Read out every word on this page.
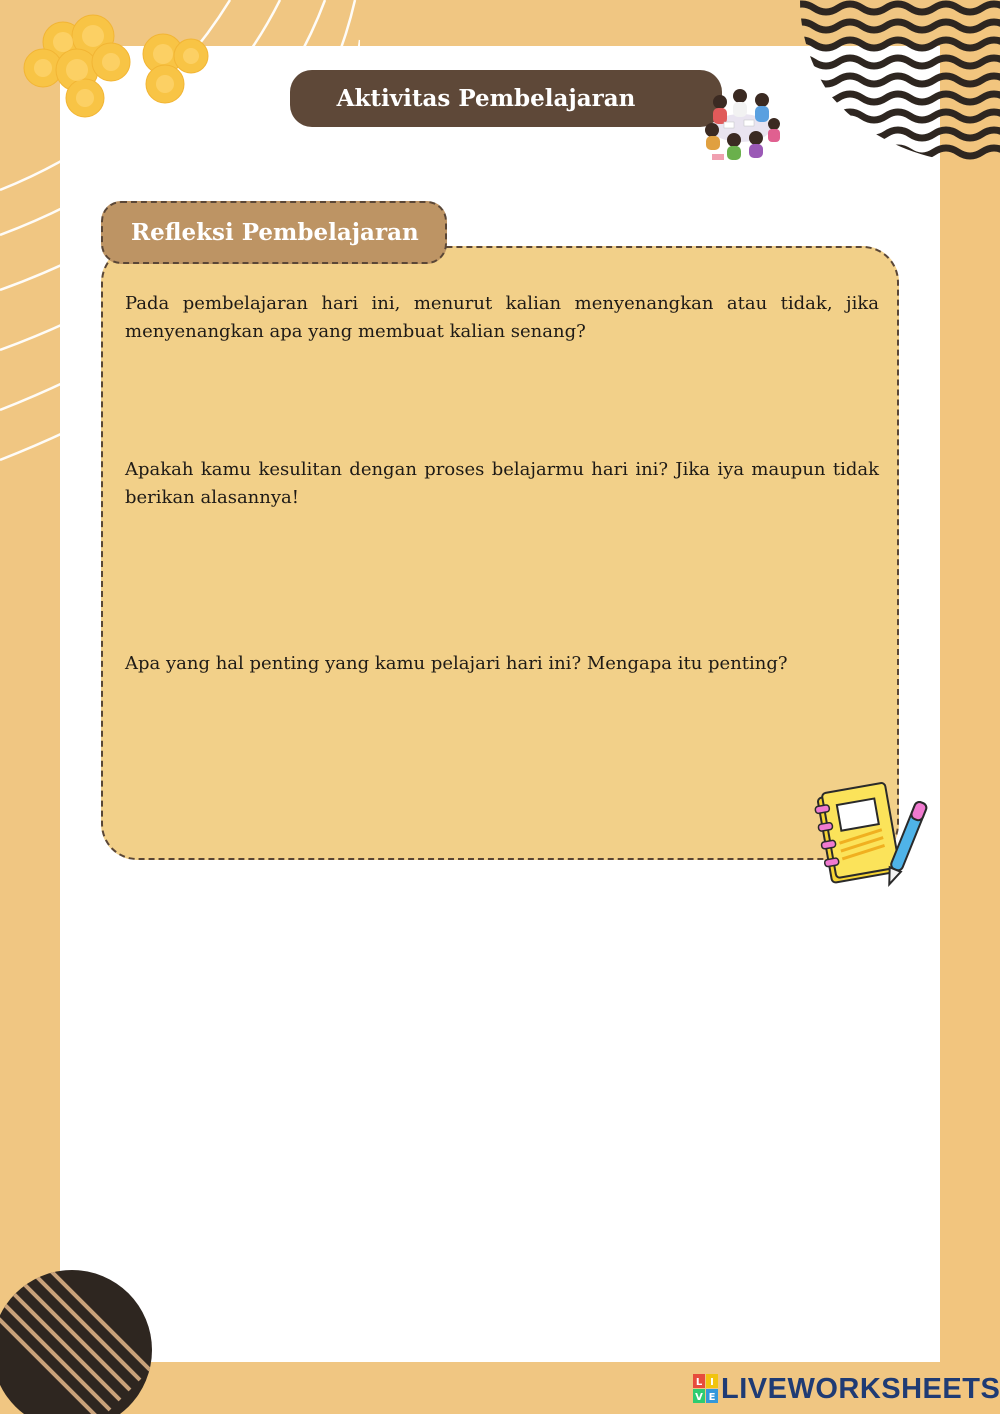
Aktivitas Pembelajaran
Refleksi Pembelajaran

Pada pembelajaran hari ini, menurut kalian menyenangkan atau tidak, jika menyenangkan apa yang membuat kalian senang?

Apakah kamu kesulitan dengan proses belajarmu hari ini? Jika iya maupun tidak berikan alasannya!

Apa yang hal penting yang kamu pelajari hari ini? Mengapa itu penting?

L I
V E LIVEWORKSHEETS
